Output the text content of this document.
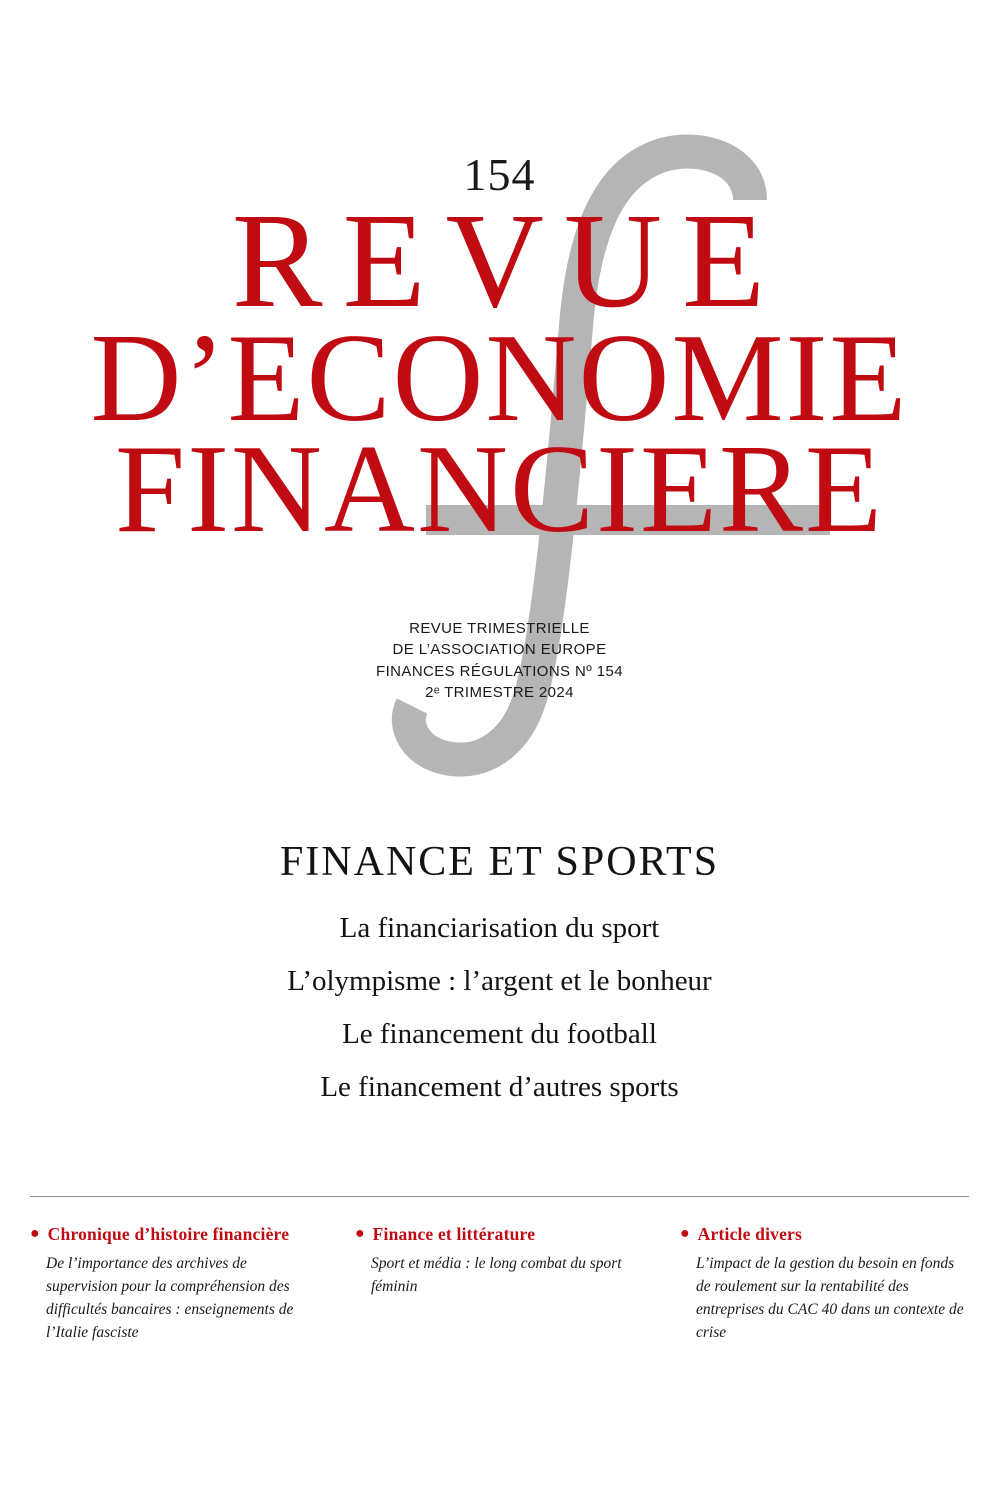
154
REVUE
D’ECONOMIE
FINANCIERE
REVUE TRIMESTRIELLE
DE L’ASSOCIATION EUROPE
FINANCES RÉGULATIONS Nº 154
2ᵉ TRIMESTRE 2024
FINANCE ET SPORTS
La financiarisation du sport
L’olympisme : l’argent et le bonheur
Le financement du football
Le financement d’autres sports
● Chronique d’histoire financière
De l’importance des archives de supervision pour la compréhension des difficultés bancaires : enseignements de l’Italie fasciste
● Finance et littérature
Sport et média : le long combat du sport féminin
● Article divers
L’impact de la gestion du besoin en fonds de roulement sur la rentabilité des entreprises du CAC 40 dans un contexte de crise
